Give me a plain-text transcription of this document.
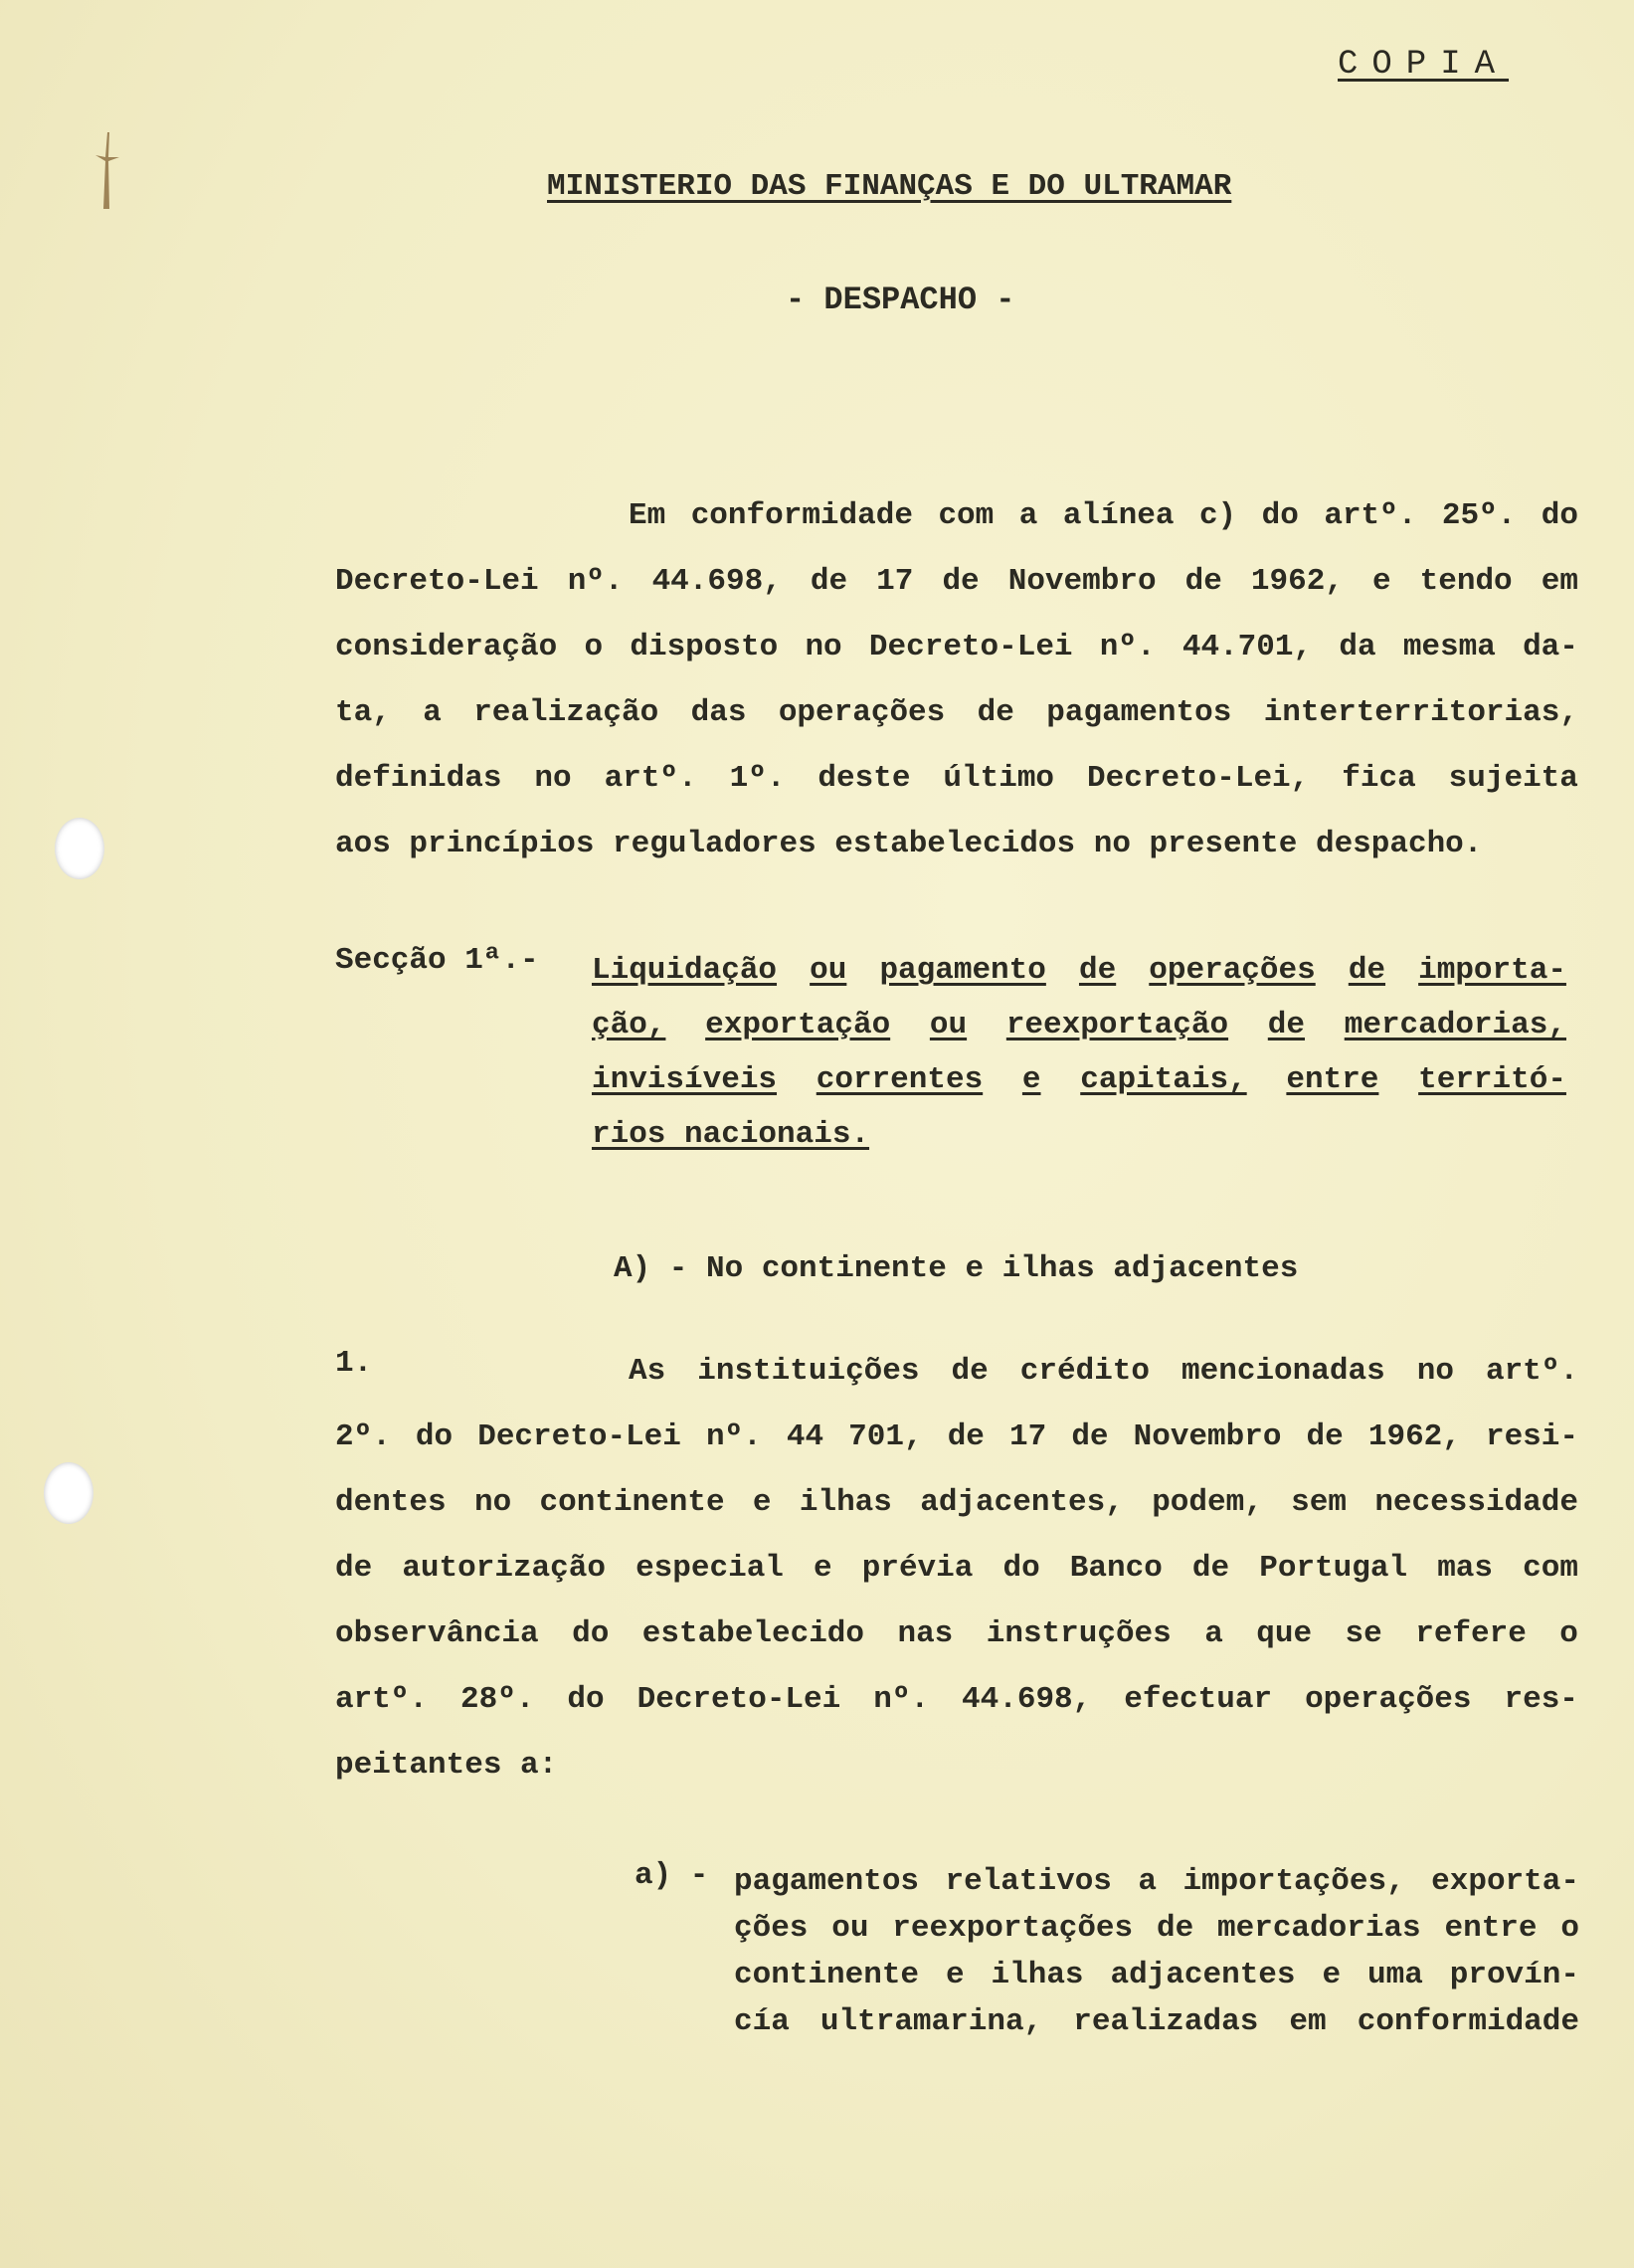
COPIA
MINISTERIO DAS FINANÇAS E DO ULTRAMAR
- DESPACHO -
Em conformidade com a alínea c) do artº. 25º. do
Decreto-Lei nº. 44.698, de 17 de Novembro de 1962, e tendo em
consideração o disposto no Decreto-Lei nº. 44.701, da mesma da-
ta, a realização das operações de pagamentos interterritorias,
definidas no artº. 1º. deste último Decreto-Lei, fica sujeita
aos princípios reguladores estabelecidos no presente despacho.
Secção 1ª.- Liquidação ou pagamento de operações de importa-
ção, exportação ou reexportação de mercadorias,
invisíveis correntes e capitais, entre territó-
rios nacionais.
A) - No continente e ilhas adjacentes
1.	As instituições de crédito mencionadas no artº.
2º. do Decreto-Lei nº. 44 701, de 17 de Novembro de 1962, resi-
dentes no continente e ilhas adjacentes, podem, sem necessidade
de autorização especial e prévia do Banco de Portugal mas com
observância do estabelecido nas instruções a que se refere o
artº. 28º. do Decreto-Lei nº. 44.698, efectuar operações res-
peitantes a:
a) - pagamentos relativos a importações, exporta-
ções ou reexportações de mercadorias entre o
continente e ilhas adjacentes e uma provín-
cía ultramarina, realizadas em conformidade
